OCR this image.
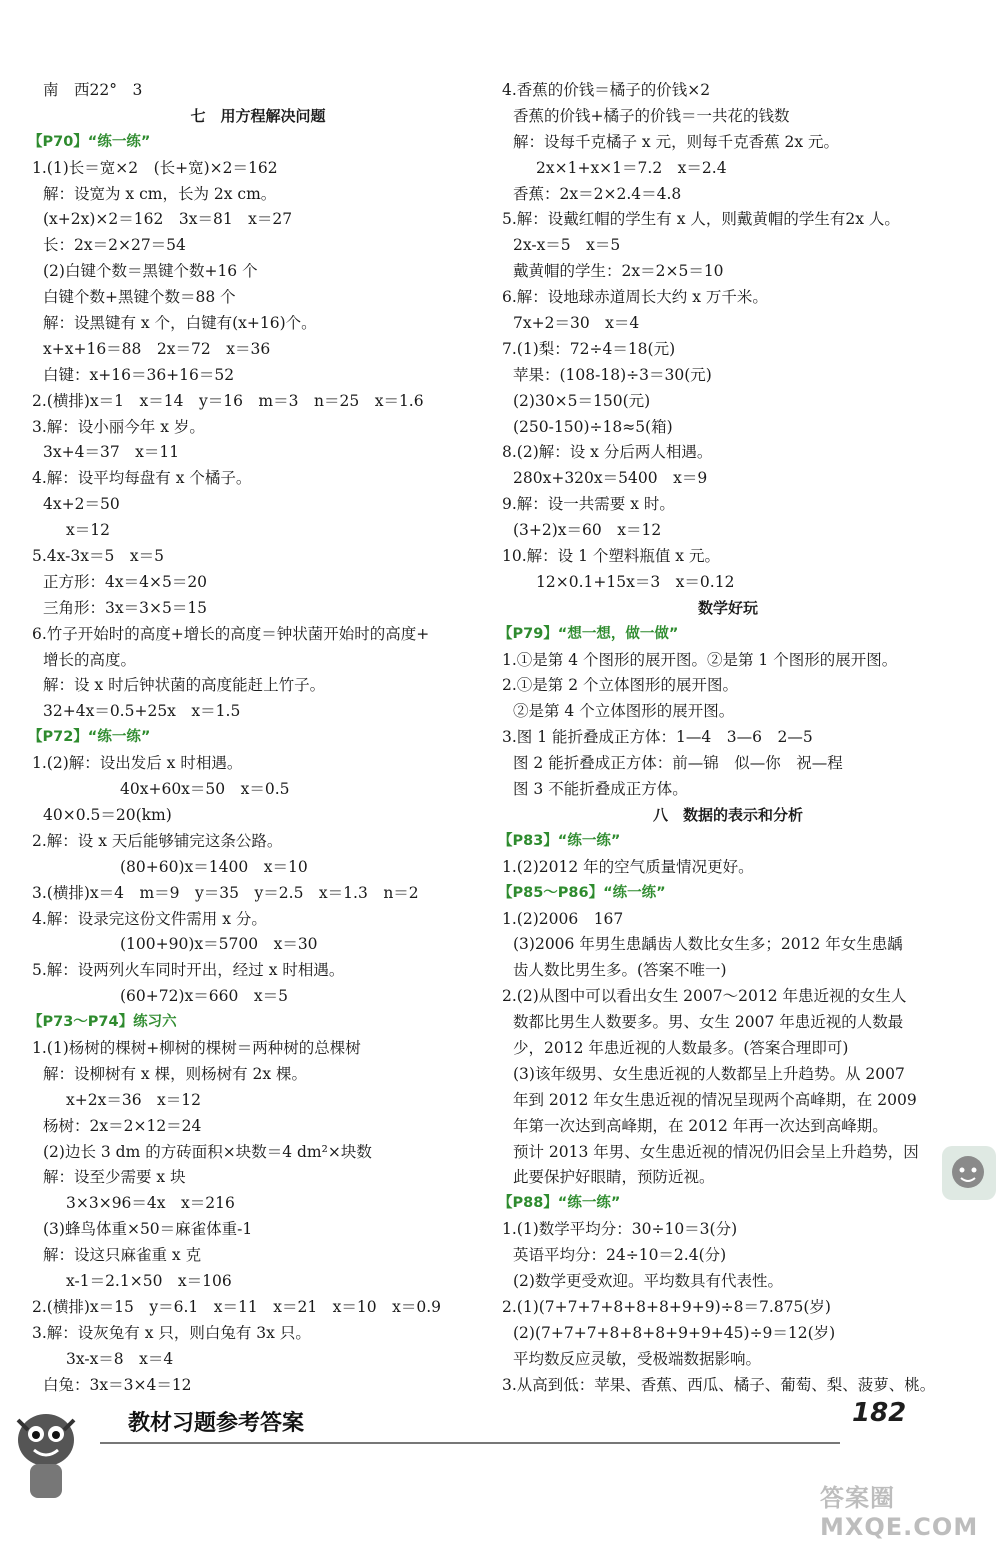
南　西22°　3
七　用方程解决问题
【P70】“练一练”
1.(1)长＝宽×2　(长+宽)×2＝162
解：设宽为 x cm，长为 2x cm。
(x+2x)×2＝162　3x＝81　x＝27
长：2x＝2×27＝54
(2)白键个数＝黑键个数+16 个
白键个数+黑键个数＝88 个
解：设黑键有 x 个，白键有(x+16)个。
x+x+16＝88　2x＝72　x＝36
白键：x+16＝36+16＝52
2.(横排)x＝1　x＝14　y＝16　m＝3　n＝25　x＝1.6
3.解：设小丽今年 x 岁。
3x+4＝37　x＝11
4.解：设平均每盘有 x 个橘子。
4x+2＝50
x＝12
5.4x-3x＝5　x＝5
正方形：4x＝4×5＝20
三角形：3x＝3×5＝15
6.竹子开始时的高度+增长的高度＝钟状菌开始时的高度+
增长的高度。
解：设 x 时后钟状菌的高度能赶上竹子。
32+4x＝0.5+25x　x＝1.5
【P72】“练一练”
1.(2)解：设出发后 x 时相遇。
40x+60x＝50　x＝0.5
40×0.5＝20(km)
2.解：设 x 天后能够铺完这条公路。
(80+60)x＝1400　x＝10
3.(横排)x＝4　m＝9　y＝35　y＝2.5　x＝1.3　n＝2
4.解：设录完这份文件需用 x 分。
(100+90)x＝5700　x＝30
5.解：设两列火车同时开出，经过 x 时相遇。
(60+72)x＝660　x＝5
【P73～P74】练习六
1.(1)杨树的棵树+柳树的棵树＝两种树的总棵树
解：设柳树有 x 棵，则杨树有 2x 棵。
x+2x＝36　x＝12
杨树：2x＝2×12＝24
(2)边长 3 dm 的方砖面积×块数＝4 dm²×块数
解：设至少需要 x 块
3×3×96＝4x　x＝216
(3)蜂鸟体重×50＝麻雀体重-1
解：设这只麻雀重 x 克
x-1＝2.1×50　x＝106
2.(横排)x＝15　y＝6.1　x＝11　x＝21　x＝10　x＝0.9
3.解：设灰兔有 x 只，则白兔有 3x 只。
3x-x＝8　x＝4
白兔：3x＝3×4＝12
4.香蕉的价钱＝橘子的价钱×2
香蕉的价钱+橘子的价钱＝一共花的钱数
解：设每千克橘子 x 元，则每千克香蕉 2x 元。
2x×1+x×1＝7.2　x＝2.4
香蕉：2x＝2×2.4＝4.8
5.解：设戴红帽的学生有 x 人，则戴黄帽的学生有2x 人。
2x-x＝5　x＝5
戴黄帽的学生：2x＝2×5＝10
6.解：设地球赤道周长大约 x 万千米。
7x+2＝30　x＝4
7.(1)梨：72÷4＝18(元)
苹果：(108-18)÷3＝30(元)
(2)30×5＝150(元)
(250-150)÷18≈5(箱)
8.(2)解：设 x 分后两人相遇。
280x+320x＝5400　x＝9
9.解：设一共需要 x 时。
(3+2)x＝60　x＝12
10.解：设 1 个塑料瓶值 x 元。
12×0.1+15x＝3　x＝0.12
数学好玩
【P79】“想一想，做一做”
1.①是第 4 个图形的展开图。②是第 1 个图形的展开图。
2.①是第 2 个立体图形的展开图。
②是第 4 个立体图形的展开图。
3.图 1 能折叠成正方体：1—4　3—6　2—5
图 2 能折叠成正方体：前—锦　似—你　祝—程
图 3 不能折叠成正方体。
八　数据的表示和分析
【P83】“练一练”
1.(2)2012 年的空气质量情况更好。
【P85～P86】“练一练”
1.(2)2006　167
(3)2006 年男生患龋齿人数比女生多；2012 年女生患龋
齿人数比男生多。(答案不唯一)
2.(2)从图中可以看出女生 2007～2012 年患近视的女生人
数都比男生人数要多。男、女生 2007 年患近视的人数最
少，2012 年患近视的人数最多。(答案合理即可)
(3)该年级男、女生患近视的人数都呈上升趋势。从 2007
年到 2012 年女生患近视的情况呈现两个高峰期，在 2009
年第一次达到高峰期，在 2012 年再一次达到高峰期。
预计 2013 年男、女生患近视的情况仍旧会呈上升趋势，因
此要保护好眼睛，预防近视。
【P88】“练一练”
1.(1)数学平均分：30÷10＝3(分)
英语平均分：24÷10＝2.4(分)
(2)数学更受欢迎。平均数具有代表性。
2.(1)(7+7+7+8+8+8+9+9)÷8＝7.875(岁)
(2)(7+7+7+8+8+8+9+9+45)÷9＝12(岁)
平均数反应灵敏，受极端数据影响。
3.从高到低：苹果、香蕉、西瓜、橘子、葡萄、梨、菠萝、桃。
教材习题参考答案	182
答案圈 MXQE.COM
